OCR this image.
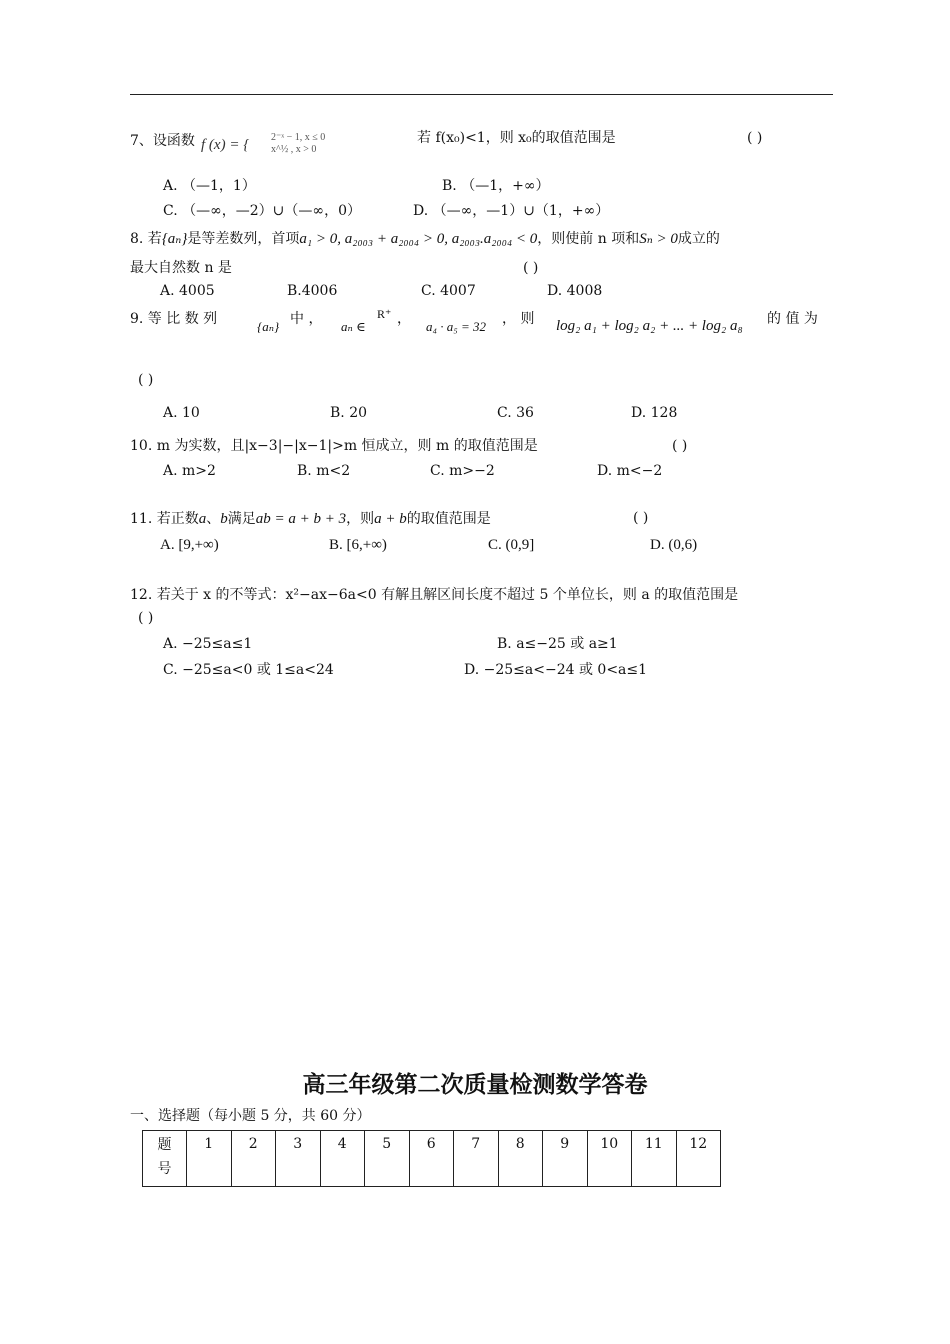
7、设函数 f (x) = { 2⁻ˣ − 1, x ≤ 0
x^½ , x > 0
若 f(x₀)<1，则 x₀的取值范围是	( )
A. （—1，1）	B. （—1，+∞）
C. （—∞，—2）∪（—∞，0）	D. （—∞，—1）∪（1，+∞）
8. 若{aₙ}是等差数列，首项a₁ > 0, a₂₀₀₃ + a₂₀₀₄ > 0, a₂₀₀₃.a₂₀₀₄ < 0，则使前 n 项和Sₙ > 0成立的
最大自然数 n 是	( )
A. 4005	B.4006	C. 4007	D. 4008
9. 等 比 数 列	{aₙ} 中 ， aₙ ∈
R⁺ ， a₄ · a₅ = 32 ， 则 log₂ a₁ + log₂ a₂ + ... + log₂ a₈ 的 值 为
( )
A. 10	B. 20	C. 36	D. 128
10. m 为实数，且|x−3|−|x−1|>m 恒成立，则 m 的取值范围是	( )
A. m>2	B. m<2	C. m>−2	D. m<−2
11. 若正数a、b满足ab = a + b + 3，则a + b的取值范围是	( )
A. [9,+∞)	B. [6,+∞)	C. (0,9]	D. (0,6)
12. 若关于 x 的不等式：x²−ax−6a<0 有解且解区间长度不超过 5 个单位长，则 a 的取值范围是
( )
A. −25≤a≤1	B. a≤−25 或 a≥1
C. −25≤a<0 或 1≤a<24	D. −25≤a<−24 或 0<a≤1
高三年级第二次质量检测数学答卷
一、选择题（每小题 5 分，共 60 分）
题
号	1	2	3	4	5	6	7	8	9	10	11	12
